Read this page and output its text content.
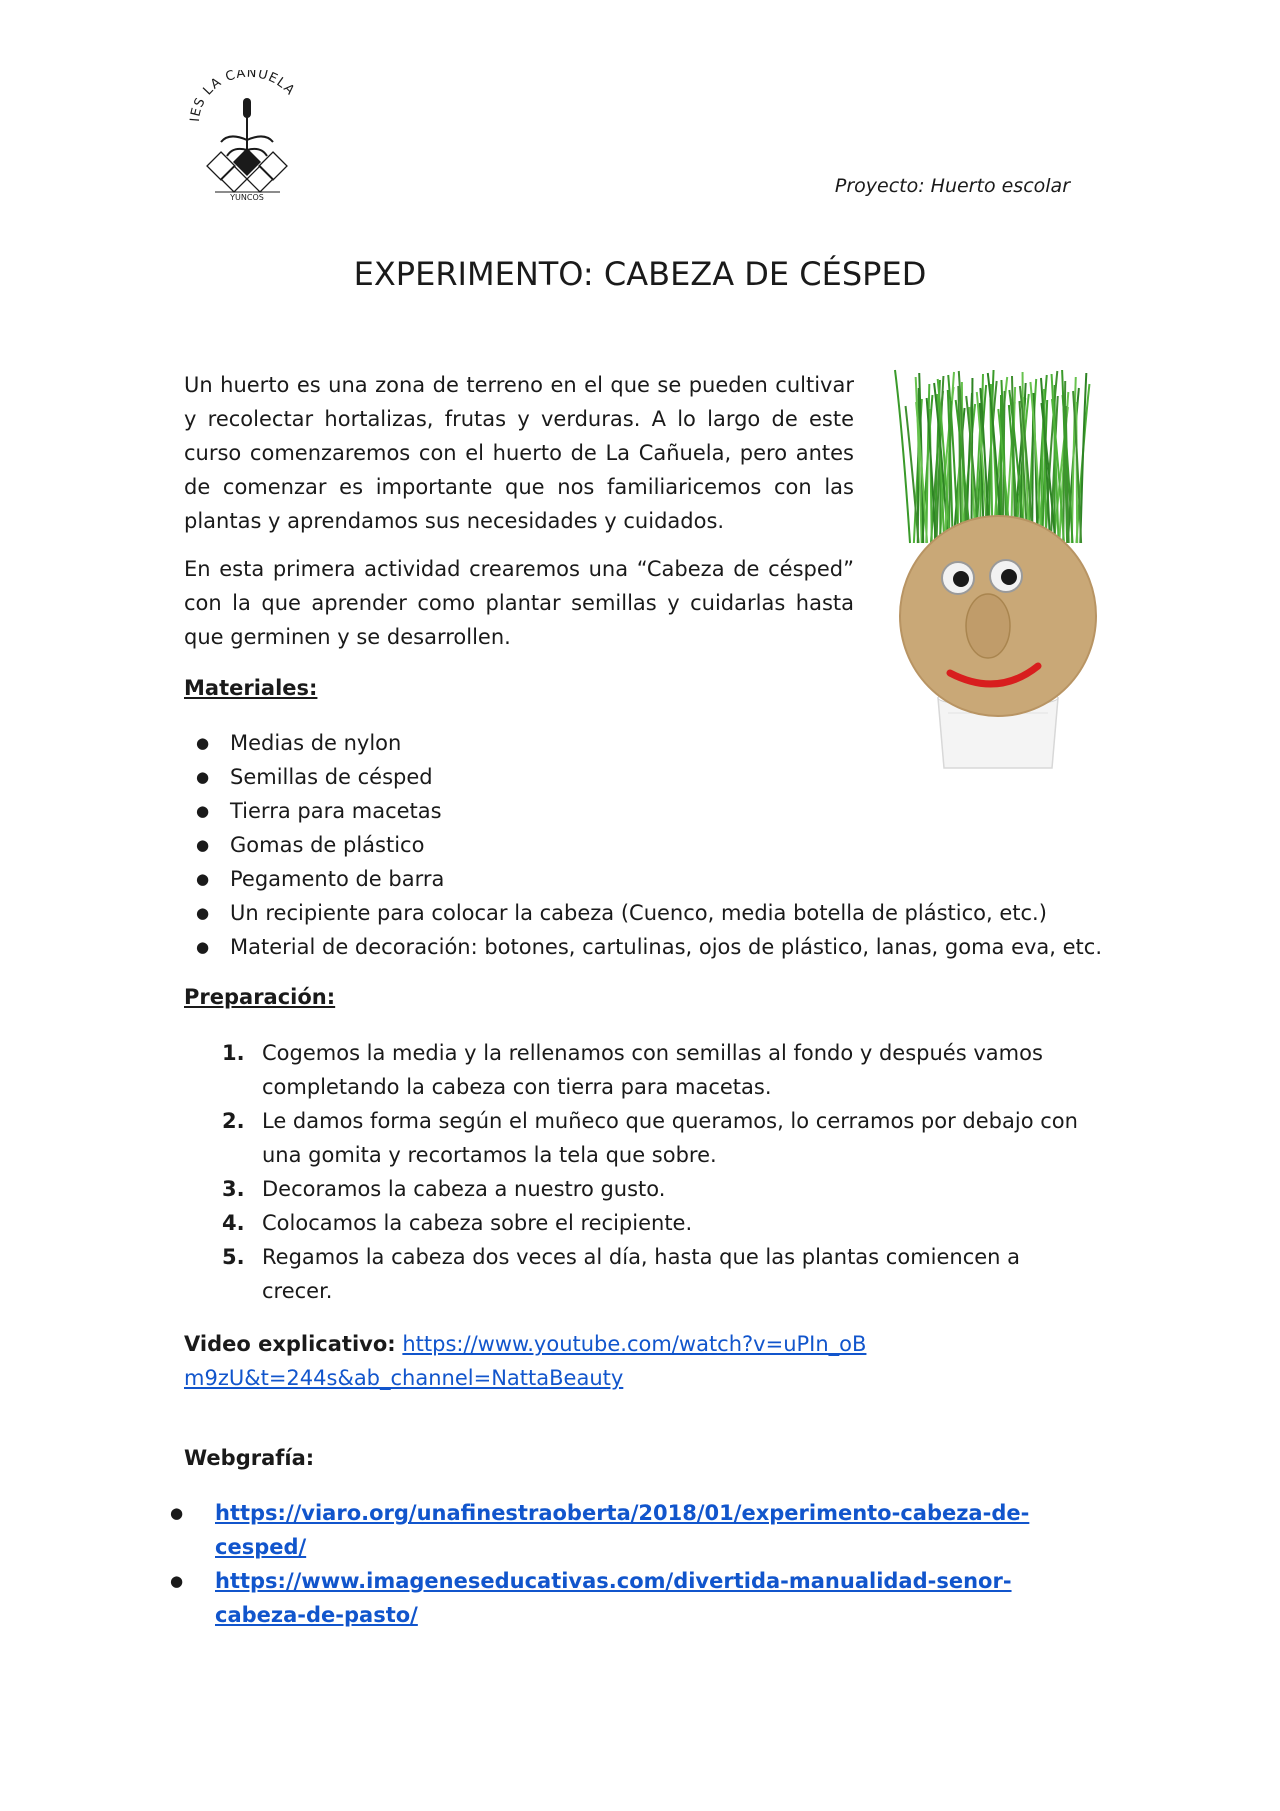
IES LA CAÑUELA
YUNCOS
Proyecto: Huerto escolar
EXPERIMENTO: CABEZA DE CÉSPED

Un huerto es una zona de terreno en el que se pueden cultivar y recolectar hortalizas, frutas y verduras. A lo largo de este curso comenzaremos con el huerto de La Cañuela, pero antes de comenzar es importante que nos familiaricemos con las plantas y aprendamos sus necesidades y cuidados.

En esta primera actividad crearemos una “Cabeza de césped” con la que aprender como plantar semillas y cuidarlas hasta que germinen y se desarrollen.

Materiales:
● Medias de nylon
● Semillas de césped
● Tierra para macetas
● Gomas de plástico
● Pegamento de barra
● Un recipiente para colocar la cabeza (Cuenco, media botella de plástico, etc.)
● Material de decoración: botones, cartulinas, ojos de plástico, lanas, goma eva, etc.
Preparación:
1. Cogemos la media y la rellenamos con semillas al fondo y después vamos completando la cabeza con tierra para macetas.
2. Le damos forma según el muñeco que queramos, lo cerramos por debajo con una gomita y recortamos la tela que sobre.
3. Decoramos la cabeza a nuestro gusto.
4. Colocamos la cabeza sobre el recipiente.
5. Regamos la cabeza dos veces al día, hasta que las plantas comiencen a crecer.
Video explicativo: https://www.youtube.com/watch?v=uPIn_oBm9zU&t=244s&ab_channel=NattaBeauty
Webgrafía:
● https://viaro.org/unafinestraoberta/2018/01/experimento-cabeza-de-cesped/
● https://www.imageneseducativas.com/divertida-manualidad-senor-cabeza-de-pasto/
